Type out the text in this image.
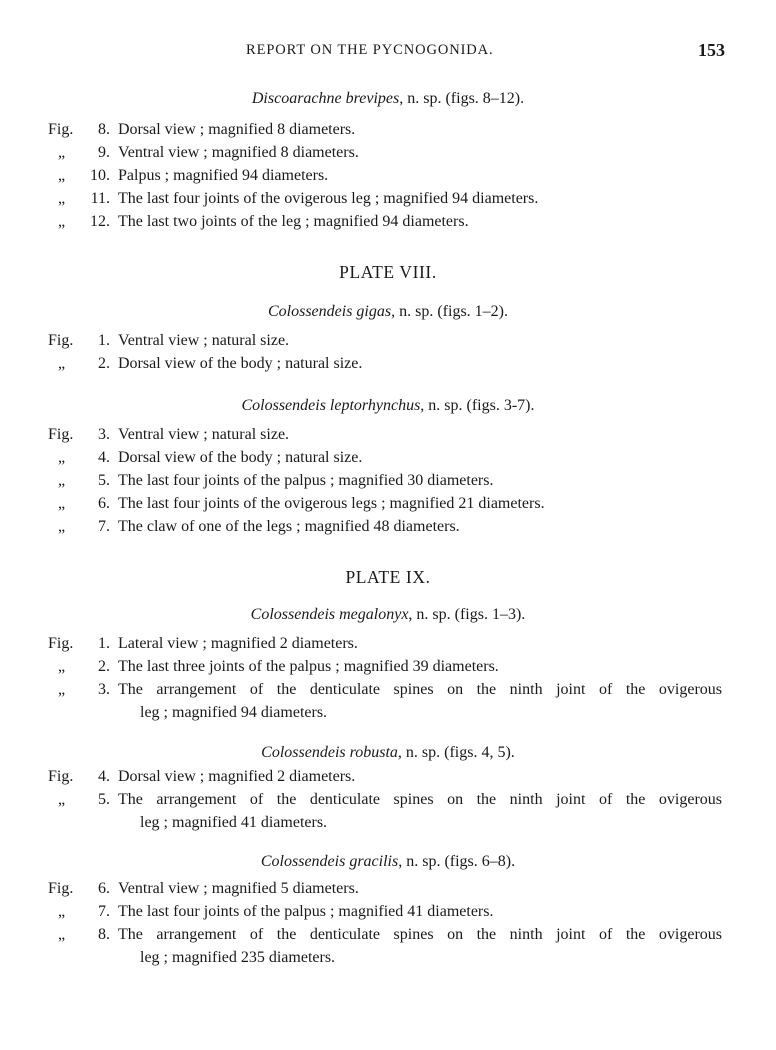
REPORT ON THE PYCNOGONIDA.	153
Discoarachne brevipes, n. sp. (figs. 8–12).
Fig.	8. Dorsal view ; magnified 8 diameters.
„	9. Ventral view ; magnified 8 diameters.
„	10. Palpus ; magnified 94 diameters.
„	11. The last four joints of the ovigerous leg ; magnified 94 diameters.
„	12. The last two joints of the leg ; magnified 94 diameters.
PLATE VIII.
Colossendeis gigas, n. sp. (figs. 1–2).
Fig.	1. Ventral view ; natural size.
„	2. Dorsal view of the body ; natural size.
Colossendeis leptorhynchus, n. sp. (figs. 3-7).
Fig.	3. Ventral view ; natural size.
„	4. Dorsal view of the body ; natural size.
„	5. The last four joints of the palpus ; magnified 30 diameters.
„	6. The last four joints of the ovigerous legs ; magnified 21 diameters.
„	7. The claw of one of the legs ; magnified 48 diameters.
PLATE IX.
Colossendeis megalonyx, n. sp. (figs. 1–3).
Fig.	1. Lateral view ; magnified 2 diameters.
„	2. The last three joints of the palpus ; magnified 39 diameters.
„	3. The arrangement of the denticulate spines on the ninth joint of the ovigerous
leg ; magnified 94 diameters.
Colossendeis robusta, n. sp. (figs. 4, 5).
Fig.	4. Dorsal view ; magnified 2 diameters.
„	5. The arrangement of the denticulate spines on the ninth joint of the ovigerous
leg ; magnified 41 diameters.
Colossendeis gracilis, n. sp. (figs. 6–8).
Fig.	6. Ventral view ; magnified 5 diameters.
„	7. The last four joints of the palpus ; magnified 41 diameters.
„	8. The arrangement of the denticulate spines on the ninth joint of the ovigerous
leg ; magnified 235 diameters.
